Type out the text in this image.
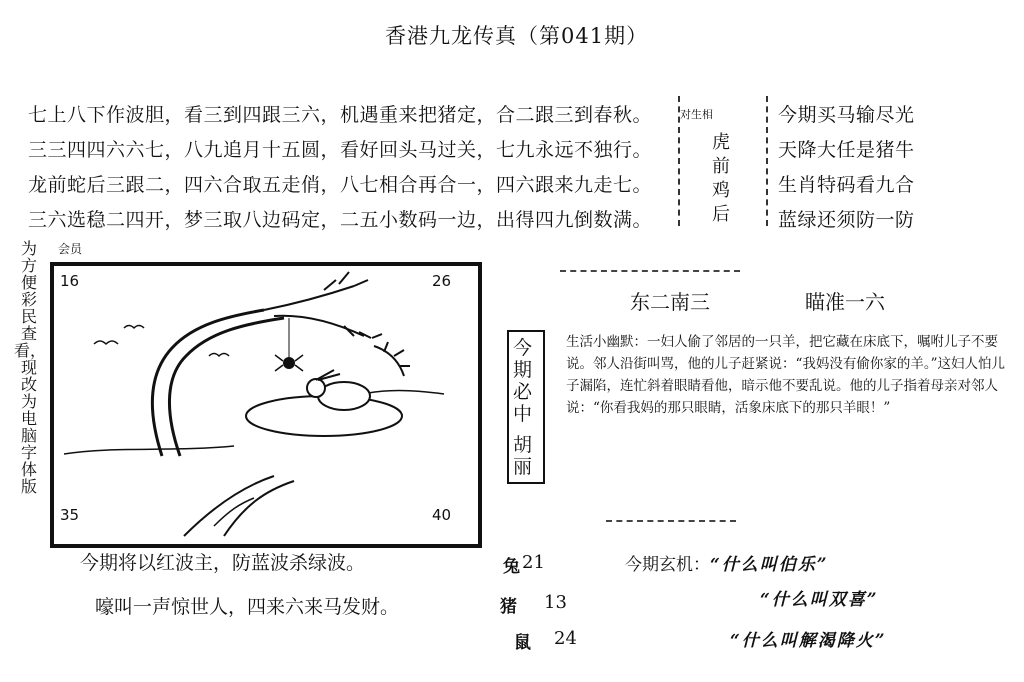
香港九龙传真（第041期）
七上八下作波胆，看三到四跟三六，机遇重来把猪定，合二跟三到春秋。
三三四四六六七，八九追月十五圆，看好回头马过关，七九永远不独行。
龙前蛇后三跟二，四六合取五走俏，八七相合再合一，四六跟来九走七。
三六选稳二四开，梦三取八边码定，二五小数码一边，出得四九倒数满。
对生相
虎
前
鸡
后
今期买马输尽光
天降大任是猪牛
生肖特码看九合
蓝绿还须防一防
为方便彩民查看，现改为电脑字体版
会员
16	26
35	40
东二南三	瞄准一六
今
期
必
中
胡
丽
生活小幽默：一妇人偷了邻居的一只羊，把它藏在床底下，嘱咐儿子不要说。邻人沿街叫骂，他的儿子赶紧说：“我妈没有偷你家的羊。”这妇人怕儿子漏陷，连忙斜着眼睛看他，暗示他不要乱说。他的儿子指着母亲对邻人说：“你看我妈的那只眼睛，活象床底下的那只羊眼！”
今期将以红波主，防蓝波杀绿波。
嚎叫一声惊世人，四来六来马发财。
兔 21
猪 13
鼠 24
今期玄机：“什么叫伯乐”
“什么叫双喜”
“什么叫解渴降火”
